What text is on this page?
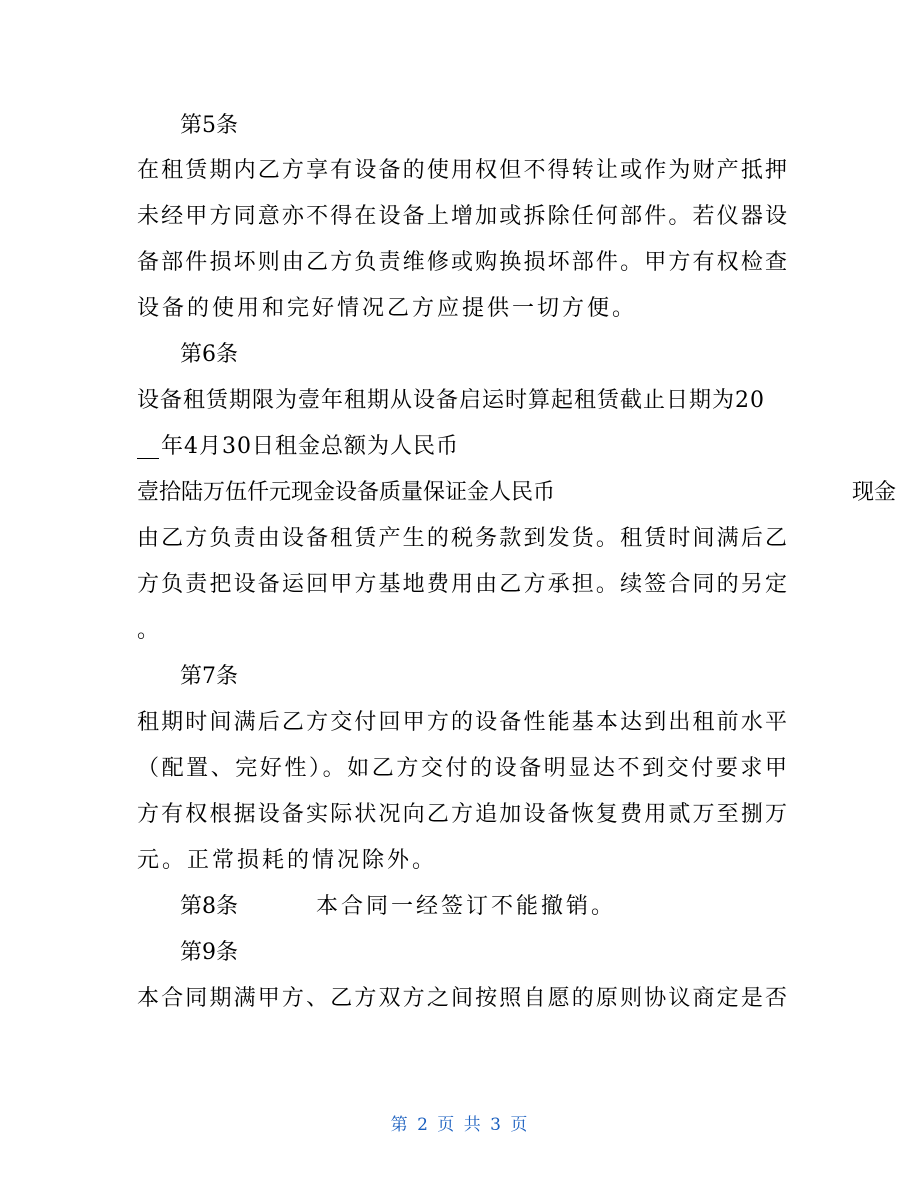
第5条
在租赁期内乙方享有设备的使用权但不得转让或作为财产抵押
未经甲方同意亦不得在设备上增加或拆除任何部件。若仪器设
备部件损坏则由乙方负责维修或购换损坏部件。甲方有权检查
设备的使用和完好情况乙方应提供一切方便。
第6条
设备租赁期限为壹年租期从设备启运时算起租赁截止日期为20
年4月30日租金总额为人民币
壹拾陆万伍仟元现金设备质量保证金人民币	现金
由乙方负责由设备租赁产生的税务款到发货。租赁时间满后乙
方负责把设备运回甲方基地费用由乙方承担。续签合同的另定
。
第7条
租期时间满后乙方交付回甲方的设备性能基本达到出租前水平
（配置、完好性）。如乙方交付的设备明显达不到交付要求甲
方有权根据设备实际状况向乙方追加设备恢复费用贰万至捌万
元。正常损耗的情况除外。
第8条	本合同一经签订不能撤销。
第9条
本合同期满甲方、乙方双方之间按照自愿的原则协议商定是否
第 2 页 共 3 页
